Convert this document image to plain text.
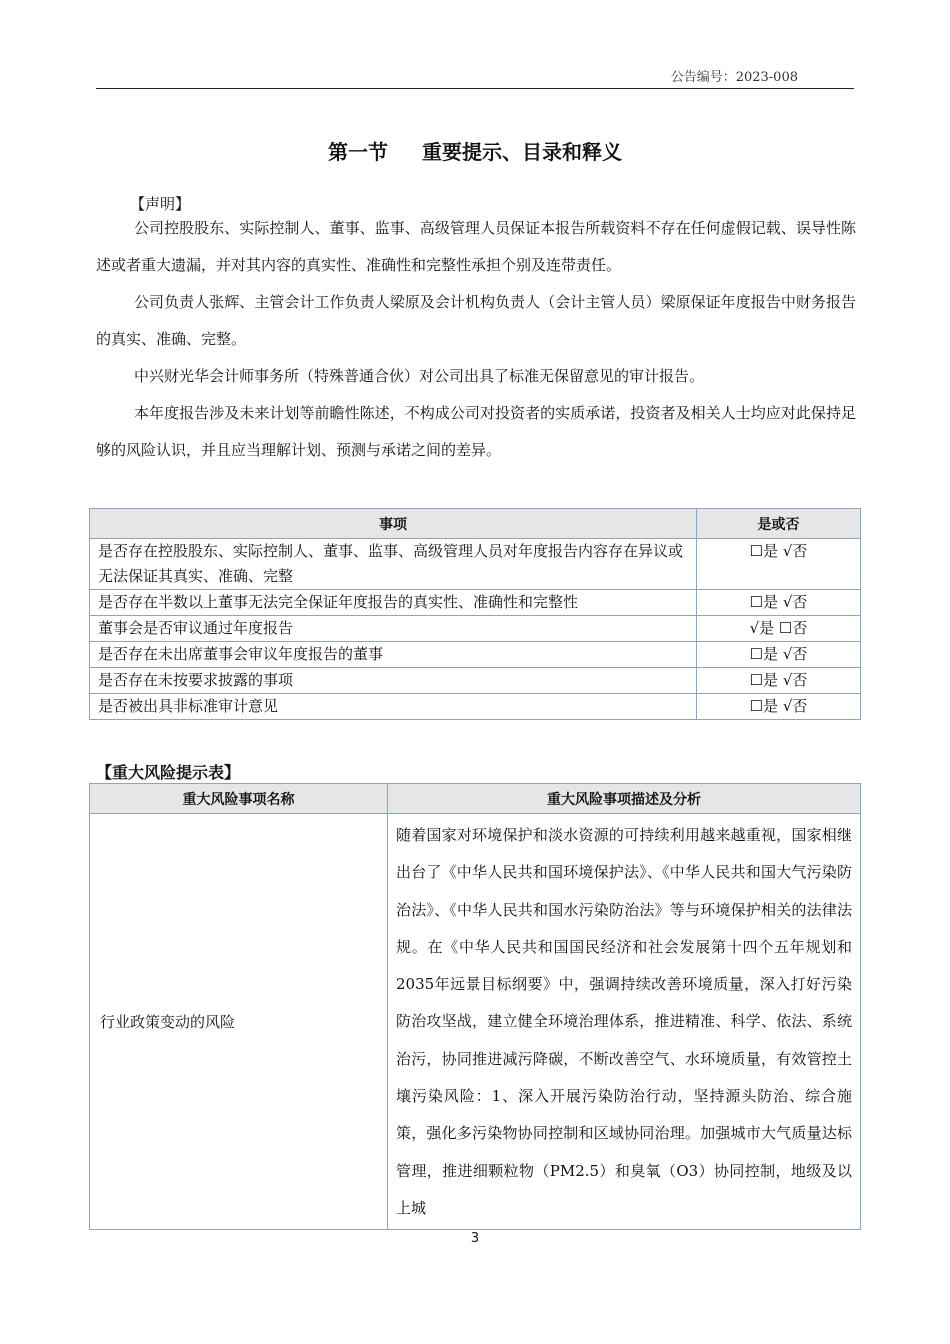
公告编号：2023-008
第一节 重要提示、目录和释义
【声明】

公司控股股东、实际控制人、董事、监事、高级管理人员保证本报告所载资料不存在任何虚假记载、误导性陈述或者重大遗漏，并对其内容的真实性、准确性和完整性承担个别及连带责任。

公司负责人张辉、主管会计工作负责人梁原及会计机构负责人（会计主管人员）梁原保证年度报告中财务报告的真实、准确、完整。

中兴财光华会计师事务所（特殊普通合伙）对公司出具了标准无保留意见的审计报告。

本年度报告涉及未来计划等前瞻性陈述，不构成公司对投资者的实质承诺，投资者及相关人士均应对此保持足够的风险认识，并且应当理解计划、预测与承诺之间的差异。

事项	是或否
是否存在控股股东、实际控制人、董事、监事、高级管理人员对年度报告内容存在异议或无法保证其真实、准确、完整	☐是 √否
是否存在半数以上董事无法完全保证年度报告的真实性、准确性和完整性	☐是 √否
董事会是否审议通过年度报告	√是 ☐否
是否存在未出席董事会审议年度报告的董事	☐是 √否
是否存在未按要求披露的事项	☐是 √否
是否被出具非标准审计意见	☐是 √否
【重大风险提示表】
重大风险事项名称	重大风险事项描述及分析
行业政策变动的风险	随着国家对环境保护和淡水资源的可持续利用越来越重视，国家相继出台了《中华人民共和国环境保护法》、《中华人民共和国大气污染防治法》、《中华人民共和国水污染防治法》等与环境保护相关的法律法规。在《中华人民共和国国民经济和社会发展第十四个五年规划和2035年远景目标纲要》中，强调持续改善环境质量，深入打好污染防治攻坚战，建立健全环境治理体系，推进精准、科学、依法、系统治污，协同推进减污降碳，不断改善空气、水环境质量，有效管控土壤污染风险：1、深入开展污染防治行动，坚持源头防治、综合施策，强化多污染物协同控制和区域协同治理。加强城市大气质量达标管理，推进细颗粒物（PM2.5）和臭氧（O3）协同控制，地级及以上城
3
